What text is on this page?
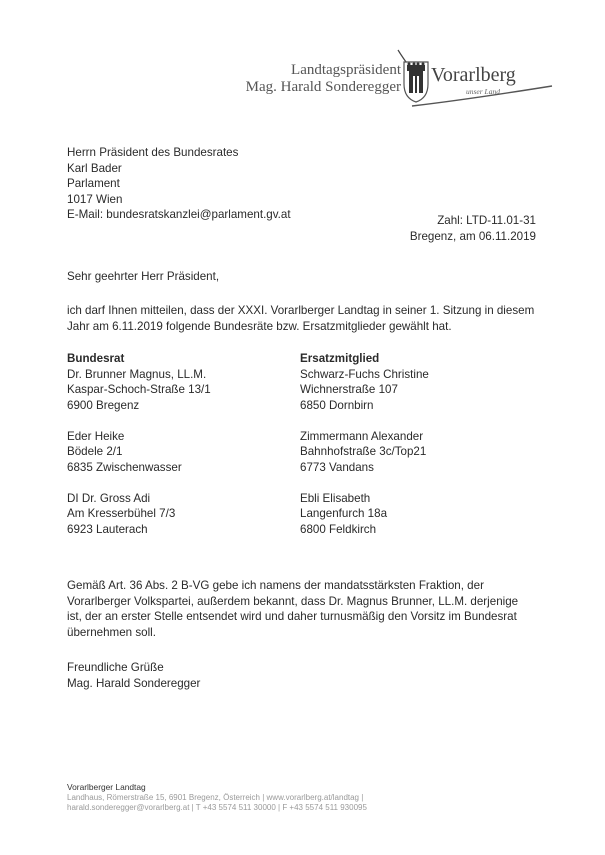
Landtagspräsident
Mag. Harald Sonderegger
Vorarlberg
unser Land
Herrn Präsident des Bundesrates
Karl Bader
Parlament
1017 Wien
E-Mail: bundesratskanzlei@parlament.gv.at	Zahl: LTD-11.01-31
Bregenz, am 06.11.2019
Sehr geehrter Herr Präsident,
ich darf Ihnen mitteilen, dass der XXXI. Vorarlberger Landtag in seiner 1. Sitzung in diesem
Jahr am 6.11.2019 folgende Bundesräte bzw. Ersatzmitglieder gewählt hat.
Bundesrat
Dr. Brunner Magnus, LL.M.
Kaspar-Schoch-Straße 13/1
6900 Bregenz
Eder Heike
Bödele 2/1
6835 Zwischenwasser
DI Dr. Gross Adi
Am Kresserbühel 7/3
6923 Lauterach
Ersatzmitglied
Schwarz-Fuchs Christine
Wichnerstraße 107
6850 Dornbirn
Zimmermann Alexander
Bahnhofstraße 3c/Top21
6773 Vandans
Ebli Elisabeth
Langenfurch 18a
6800 Feldkirch
Gemäß Art. 36 Abs. 2 B-VG gebe ich namens der mandatsstärksten Fraktion, der
Vorarlberger Volkspartei, außerdem bekannt, dass Dr. Magnus Brunner, LL.M. derjenige
ist, der an erster Stelle entsendet wird und daher turnusmäßig den Vorsitz im Bundesrat
übernehmen soll.
Freundliche Grüße
Mag. Harald Sonderegger
Vorarlberger Landtag
Landhaus, Römerstraße 15, 6901 Bregenz, Österreich | www.vorarlberg.at/landtag |
harald.sonderegger@vorarlberg.at | T +43 5574 511 30000 | F +43 5574 511 930095
